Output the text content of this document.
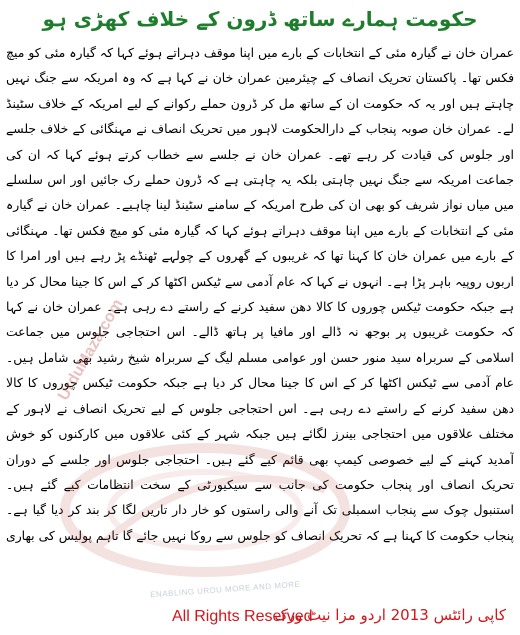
حکومت ہمارے ساتھ ڈرون کے خلاف کھڑی ہو

عمران خان نے گیارہ مئی کے انتخابات کے بارے میں اپنا موقف دہراتے ہوئے کہا کہ گیارہ مئی کو میچ فکس تھا۔ پاکستان تحریک انصاف کے چیئرمین عمران خان نے کہا ہے کہ وہ امریکہ سے جنگ نہیں چاہتے ہیں اور یہ کہ حکومت ان کے ساتھ مل کر ڈرون حملے رکوانے کے لیے امریکہ کے خلاف سٹینڈ لے۔ عمران خان صوبہ پنجاب کے دارالحکومت لاہور میں تحریک انصاف نے مہنگائی کے خلاف جلسے اور جلوس کی قیادت کر رہے تھے۔ عمران خان نے جلسے سے خطاب کرتے ہوئے کہا کہ ان کی جماعت امریکہ سے جنگ نہیں چاہتی بلکہ یہ چاہتی ہے کہ ڈرون حملے رک جائیں اور اس سلسلے میں میاں نواز شریف کو بھی ان کی طرح امریکہ کے سامنے سٹینڈ لینا چاہیے۔ عمران خان نے گیارہ مئی کے انتخابات کے بارے میں اپنا موقف دہراتے ہوئے کہا کہ گیارہ مئی کو میچ فکس تھا۔ مہنگائی کے بارے میں عمران خان کا کہنا تھا کہ غریبوں کے گھروں کے چولہے ٹھنڈے پڑ رہے ہیں اور امرا کا اربوں روپیہ باہر پڑا ہے۔ انہوں نے کہا کہ عام آدمی سے ٹیکس اکٹھا کر کے اس کا جینا محال کر دیا ہے جبکہ حکومت ٹیکس چوروں کا کالا دھن سفید کرنے کے راستے دے رہی ہے۔ عمران خان نے کہا کہ حکومت غریبوں پر بوجھ نہ ڈالے اور مافیا پر ہاتھ ڈالے۔ اس احتجاجی جلوس میں جماعت اسلامی کے سربراہ سید منور حسن اور عوامی مسلم لیگ کے سربراہ شیخ رشید بھی شامل ہیں۔ عام آدمی سے ٹیکس اکٹھا کر کے اس کا جینا محال کر دیا ہے جبکہ حکومت ٹیکس چوروں کا کالا دھن سفید کرنے کے راستے دے رہی ہے۔ اس احتجاجی جلوس کے لیے تحریک انصاف نے لاہور کے مختلف علاقوں میں احتجاجی بینرز لگائے ہیں جبکہ شہر کے کئی علاقوں میں کارکنوں کو خوش آمدید کہنے کے لیے خصوصی کیمپ بھی قائم کیے گئے ہیں۔ احتجاجی جلوس اور جلسے کے دوران تحریک انصاف اور پنجاب حکومت کی جانب سے سیکیورٹی کے سخت انتظامات کیے گئے ہیں۔ استنبول چوک سے پنجاب اسمبلی تک آنے والی راستوں کو خار دار تاریں لگا کر بند کر دیا گیا ہے۔ پنجاب حکومت کا کہنا ہے کہ تحریک انصاف کو جلوس سے روکا نہیں جائے گا تاہم پولیس کی بھاری

UrduMaza.com
ENABLING URDU MORE AND MORE
All Rights Reserved
کاپی رائٹس 2013 اردو مزا نیٹ ورک
